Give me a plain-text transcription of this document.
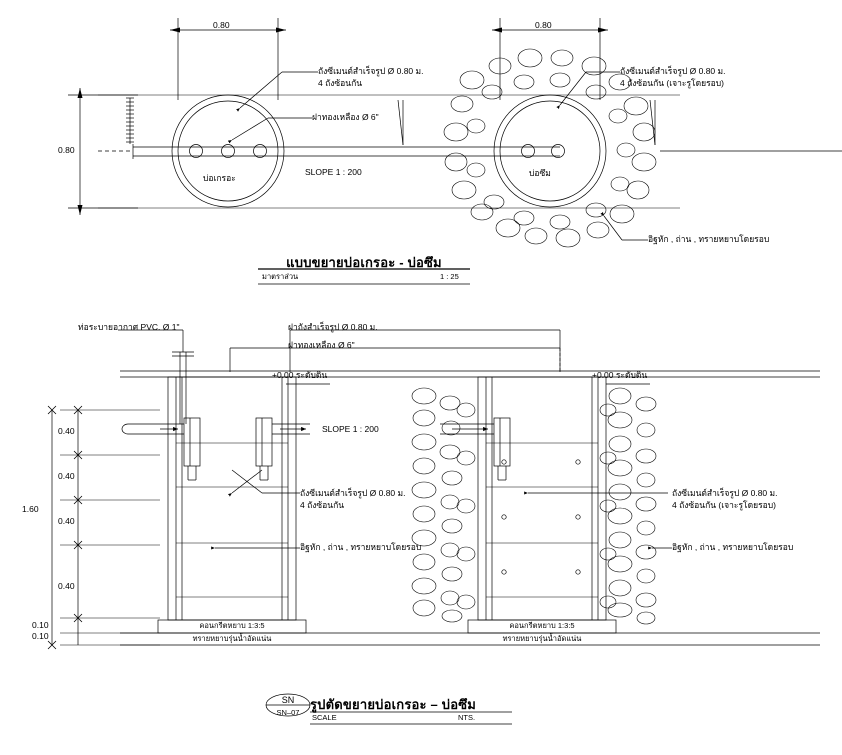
0.80	0.80
0.80
ถังซีเมนต์สำเร็จรูป Ø 0.80 ม.
4 ถังซ้อนกัน
ฝาทองเหลือง Ø 6"
ถังซีเมนต์สำเร็จรูป Ø 0.80 ม.
4 ถังซ้อนกัน (เจาะรูโดยรอบ)
อิฐหัก , ถ่าน , ทรายหยาบโดยรอบ
บ่อเกรอะ	บ่อซึม
SLOPE 1 : 200
แบบขยายบ่อเกรอะ - บ่อซึม
มาตราส่วน	1 : 25
ท่อระบายอากาศ PVC. Ø 1"	ฝาถังสำเร็จรูป Ø 0.80 ม.
ฝาทองเหลือง Ø 6"
+0.00 ระดับดิน	+0.00 ระดับดิน
SLOPE 1 : 200
ถังซีเมนต์สำเร็จรูป Ø 0.80 ม.
4 ถังซ้อนกัน
อิฐหัก , ถ่าน , ทรายหยาบโดยรอบ
ถังซีเมนต์สำเร็จรูป Ø 0.80 ม.
4 ถังซ้อนกัน (เจาะรูโดยรอบ)
อิฐหัก , ถ่าน , ทรายหยาบโดยรอบ
คอนกรีตหยาบ 1:3:5	คอนกรีตหยาบ 1:3:5
ทรายหยาบรุ่นน้ำอัดแน่น	ทรายหยาบรุ่นน้ำอัดแน่น
0.40
0.40
0.40
0.40
1.60
0.10
0.10
SN
SN–07
รูปตัดขยายบ่อเกรอะ – บ่อซึม
SCALE	NTS.
